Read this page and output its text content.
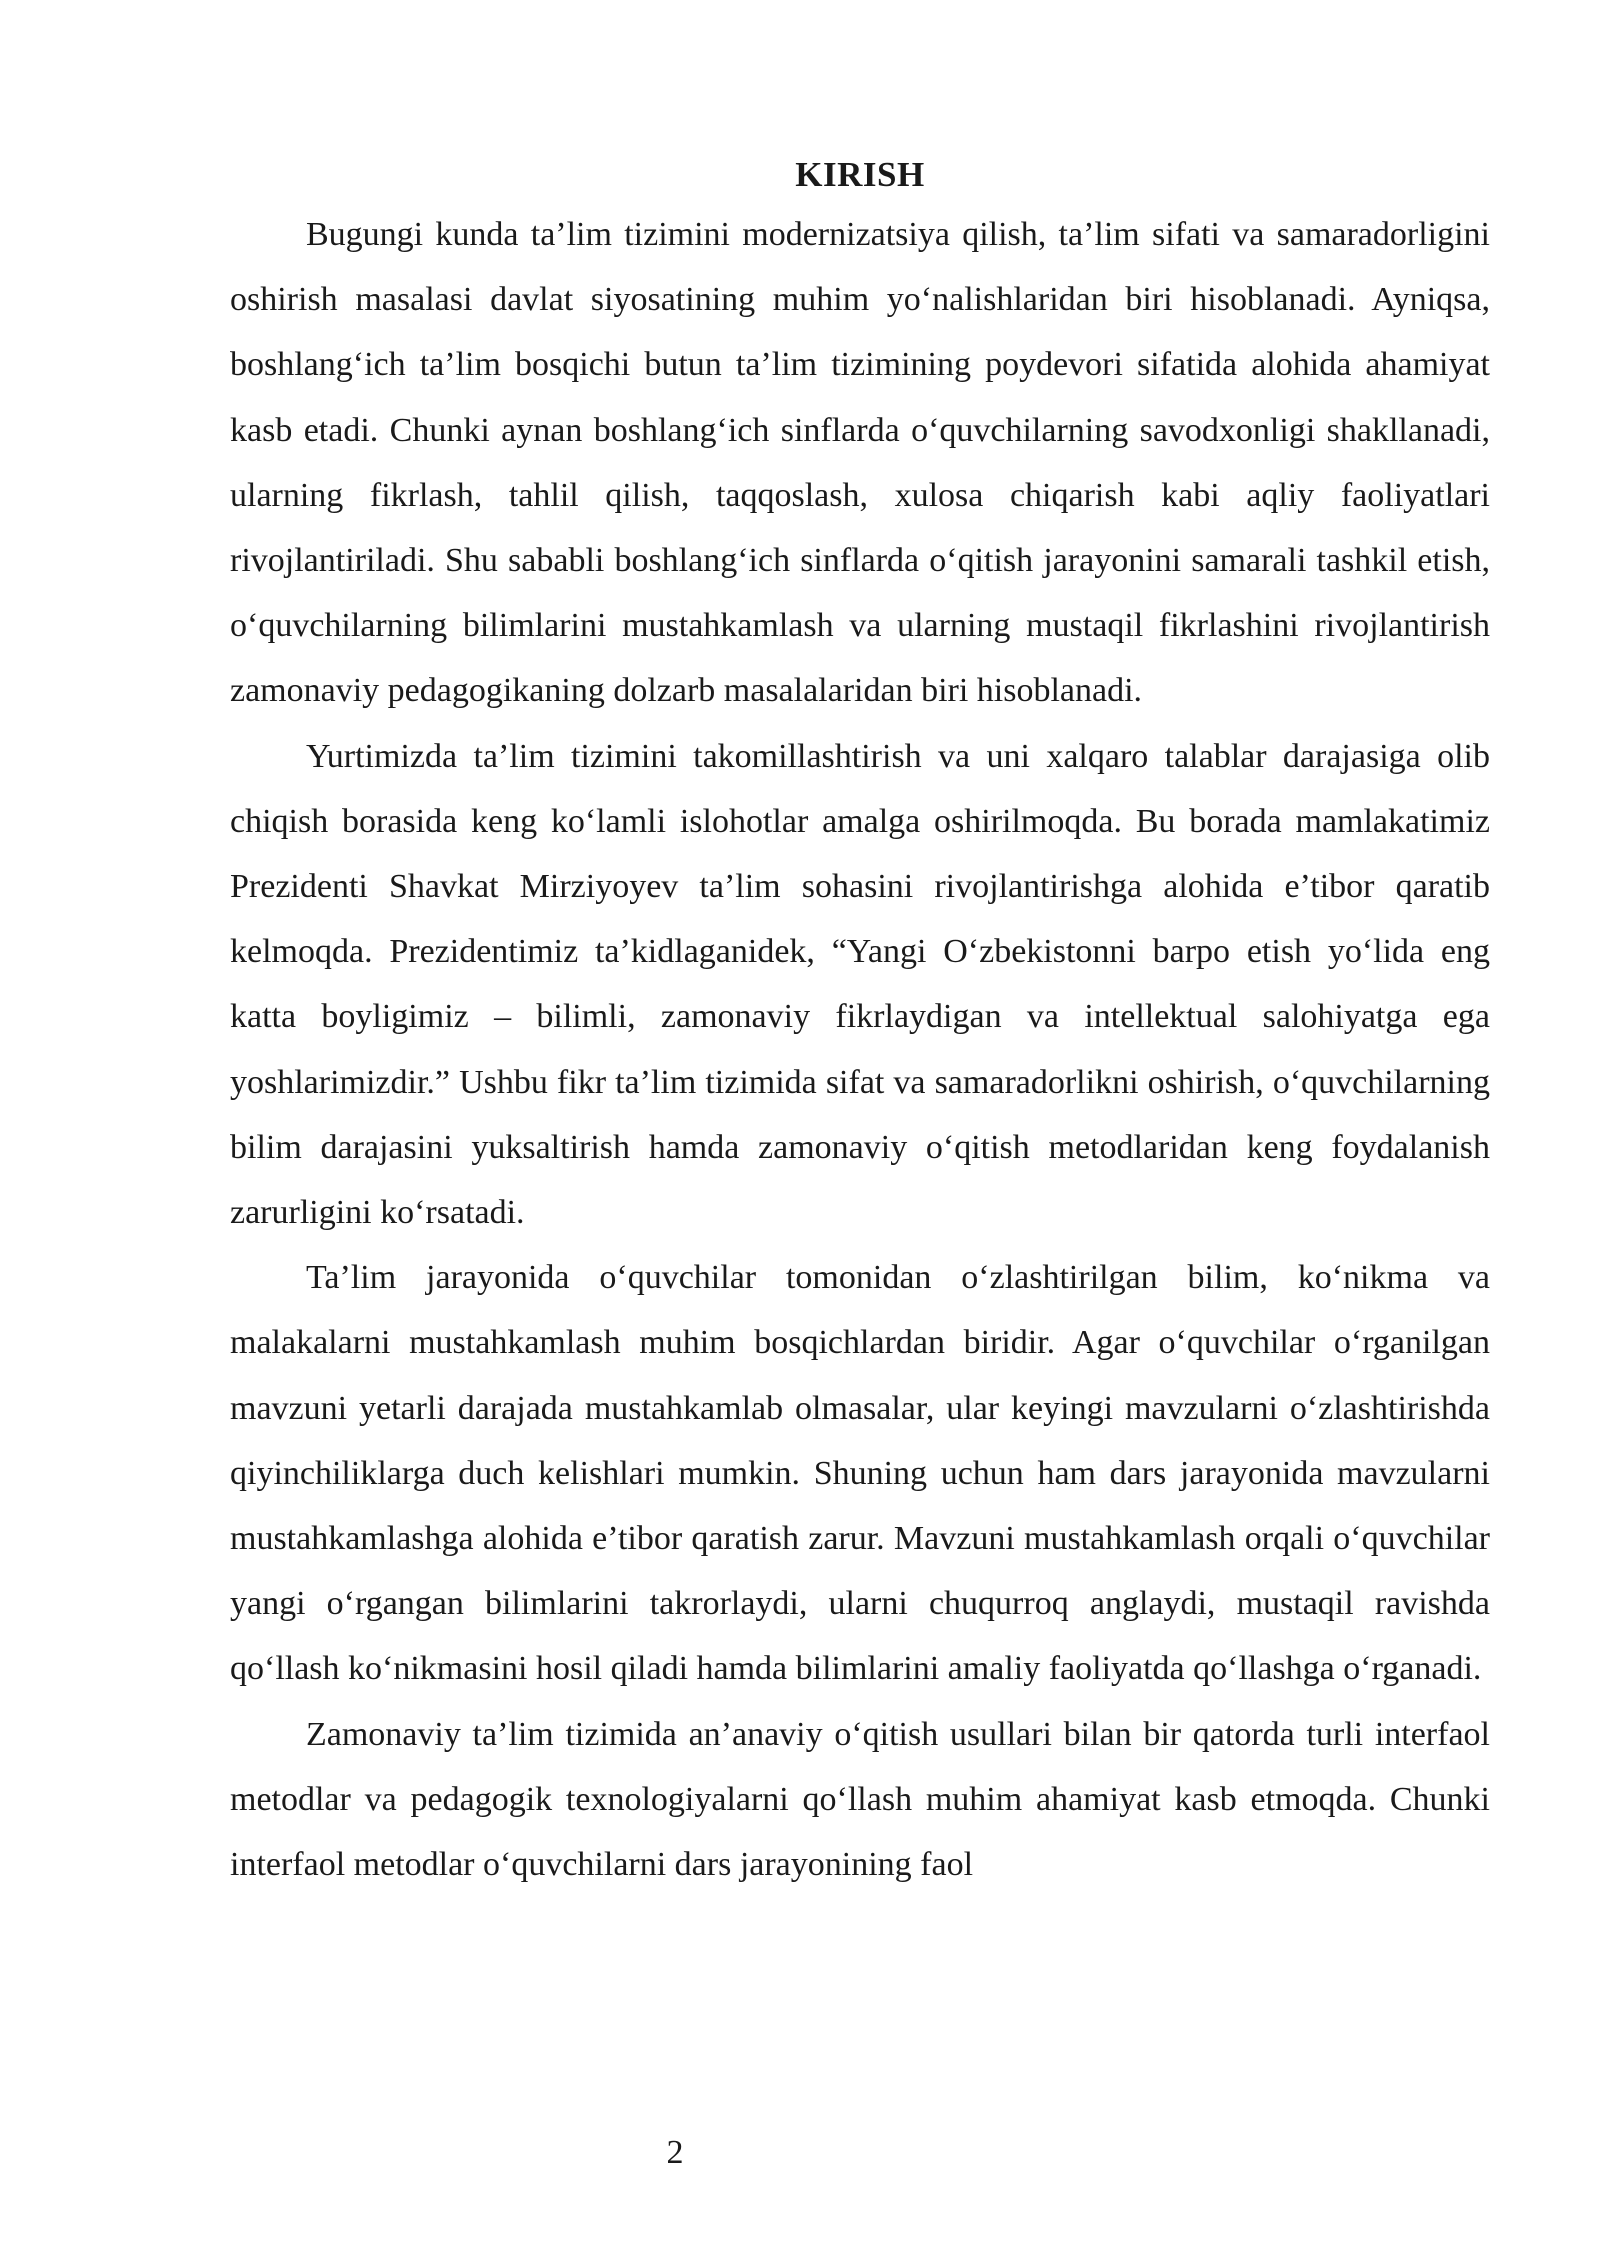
KIRISH

Bugungi kunda ta’lim tizimini modernizatsiya qilish, ta’lim sifati va samaradorligini oshirish masalasi davlat siyosatining muhim yo‘nalishlaridan biri hisoblanadi. Ayniqsa, boshlang‘ich ta’lim bosqichi butun ta’lim tizimining poydevori sifatida alohida ahamiyat kasb etadi. Chunki aynan boshlang‘ich sinflarda o‘quvchilarning savodxonligi shakllanadi, ularning fikrlash, tahlil qilish, taqqoslash, xulosa chiqarish kabi aqliy faoliyatlari rivojlantiriladi. Shu sababli boshlang‘ich sinflarda o‘qitish jarayonini samarali tashkil etish, o‘quvchilarning bilimlarini mustahkamlash va ularning mustaqil fikrlashini rivojlantirish zamonaviy pedagogikaning dolzarb masalalaridan biri hisoblanadi.

Yurtimizda ta’lim tizimini takomillashtirish va uni xalqaro talablar darajasiga olib chiqish borasida keng ko‘lamli islohotlar amalga oshirilmoqda. Bu borada mamlakatimiz Prezidenti Shavkat Mirziyoyev ta’lim sohasini rivojlantirishga alohida e’tibor qaratib kelmoqda. Prezidentimiz ta’kidlaganidek, “Yangi O‘zbekistonni barpo etish yo‘lida eng katta boyligimiz – bilimli, zamonaviy fikrlaydigan va intellektual salohiyatga ega yoshlarimizdir.” Ushbu fikr ta’lim tizimida sifat va samaradorlikni oshirish, o‘quvchilarning bilim darajasini yuksaltirish hamda zamonaviy o‘qitish metodlaridan keng foydalanish zarurligini ko‘rsatadi.

Ta’lim jarayonida o‘quvchilar tomonidan o‘zlashtirilgan bilim, ko‘nikma va malakalarni mustahkamlash muhim bosqichlardan biridir. Agar o‘quvchilar o‘rganilgan mavzuni yetarli darajada mustahkamlab olmasalar, ular keyingi mavzularni o‘zlashtirishda qiyinchiliklarga duch kelishlari mumkin. Shuning uchun ham dars jarayonida mavzularni mustahkamlashga alohida e’tibor qaratish zarur. Mavzuni mustahkamlash orqali o‘quvchilar yangi o‘rgangan bilimlarini takrorlaydi, ularni chuqurroq anglaydi, mustaqil ravishda qo‘llash ko‘nikmasini hosil qiladi hamda bilimlarini amaliy faoliyatda qo‘llashga o‘rganadi.

Zamonaviy ta’lim tizimida an’anaviy o‘qitish usullari bilan bir qatorda turli interfaol metodlar va pedagogik texnologiyalarni qo‘llash muhim ahamiyat kasb etmoqda. Chunki interfaol metodlar o‘quvchilarni dars jarayonining faol

2
